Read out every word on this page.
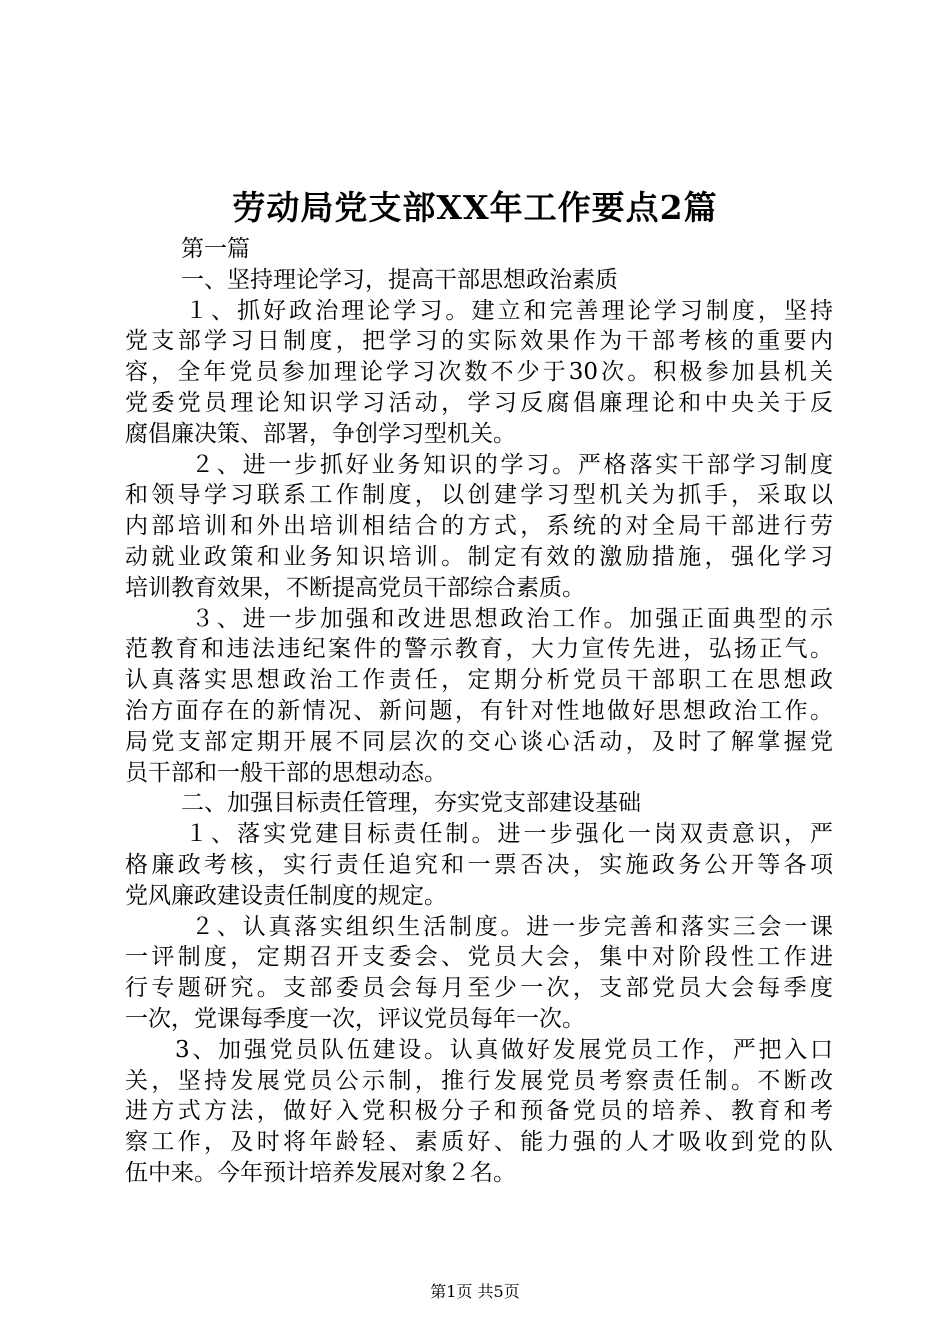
劳动局党支部XX年工作要点2篇
第一篇
一、坚持理论学习，提高干部思想政治素质
１、抓好政治理论学习。建立和完善理论学习制度，坚持
党支部学习日制度，把学习的实际效果作为干部考核的重要内
容，全年党员参加理论学习次数不少于30次。积极参加县机关
党委党员理论知识学习活动，学习反腐倡廉理论和中央关于反
腐倡廉决策、部署，争创学习型机关。
２、进一步抓好业务知识的学习。严格落实干部学习制度
和领导学习联系工作制度，以创建学习型机关为抓手，采取以
内部培训和外出培训相结合的方式，系统的对全局干部进行劳
动就业政策和业务知识培训。制定有效的激励措施，强化学习
培训教育效果，不断提高党员干部综合素质。
３、进一步加强和改进思想政治工作。加强正面典型的示
范教育和违法违纪案件的警示教育，大力宣传先进，弘扬正气。
认真落实思想政治工作责任，定期分析党员干部职工在思想政
治方面存在的新情况、新问题，有针对性地做好思想政治工作。
局党支部定期开展不同层次的交心谈心活动，及时了解掌握党
员干部和一般干部的思想动态。
二、加强目标责任管理，夯实党支部建设基础
１、落实党建目标责任制。进一步强化一岗双责意识，严
格廉政考核，实行责任追究和一票否决，实施政务公开等各项
党风廉政建设责任制度的规定。
２、认真落实组织生活制度。进一步完善和落实三会一课
一评制度，定期召开支委会、党员大会，集中对阶段性工作进
行专题研究。支部委员会每月至少一次，支部党员大会每季度
一次，党课每季度一次，评议党员每年一次。
3、加强党员队伍建设。认真做好发展党员工作，严把入口
关，坚持发展党员公示制，推行发展党员考察责任制。不断改
进方式方法，做好入党积极分子和预备党员的培养、教育和考
察工作，及时将年龄轻、素质好、能力强的人才吸收到党的队
伍中来。今年预计培养发展对象２名。
第1页 共5页
